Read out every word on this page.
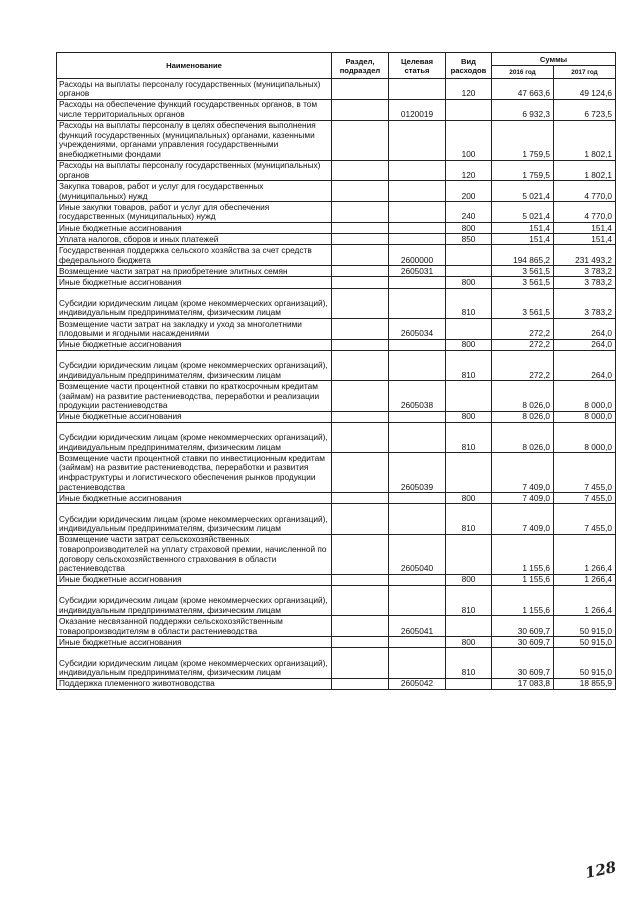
Наименование	Раздел, подраздел	Целевая статья	Вид расходов	Суммы	
				2016 год	2017 год
Расходы на выплаты персоналу государственных (муниципальных) органов			120	47 663,6	49 124,6
Расходы на обеспечение функций государственных органов, в том числе территориальных органов		0120019		6 932,3	6 723,5
Расходы на выплаты персоналу в целях обеспечения выполнения функций государственных (муниципальных) органами, казенными учреждениями, органами управления государственными внебюджетными фондами			100	1 759,5	1 802,1
Расходы на выплаты персоналу государственных (муниципальных) органов			120	1 759,5	1 802,1
Закупка товаров, работ и услуг для государственных (муниципальных) нужд			200	5 021,4	4 770,0
Иные закупки товаров, работ и услуг для обеспечения государственных (муниципальных) нужд			240	5 021,4	4 770,0
Иные бюджетные ассигнования			800	151,4	151,4
Уплата налогов, сборов и иных платежей			850	151,4	151,4
Государственная поддержка сельского хозяйства за счет средств федерального бюджета		2600000		194 865,2	231 493,2
Возмещение части затрат на приобретение элитных семян		2605031		3 561,5	3 783,2
Иные бюджетные ассигнования			800	3 561,5	3 783,2
Субсидии юридическим лицам (кроме некоммерческих организаций), индивидуальным предпринимателям, физическим лицам			810	3 561,5	3 783,2
Возмещение части затрат на закладку и уход за многолетними плодовыми и ягодными насаждениями		2605034		272,2	264,0
Иные бюджетные ассигнования			800	272,2	264,0
Субсидии юридическим лицам (кроме некоммерческих организаций), индивидуальным предпринимателям, физическим лицам			810	272,2	264,0
Возмещение части процентной ставки по краткосрочным кредитам (займам) на развитие растениеводства, переработки и реализации продукции растениеводства		2605038		8 026,0	8 000,0
Иные бюджетные ассигнования			800	8 026,0	8 000,0
Субсидии юридическим лицам (кроме некоммерческих организаций), индивидуальным предпринимателям, физическим лицам			810	8 026,0	8 000,0
Возмещение части процентной ставки по инвестиционным кредитам (займам) на развитие растениеводства, переработки и развития инфраструктуры и логистического обеспечения рынков продукции растениеводства		2605039		7 409,0	7 455,0
Иные бюджетные ассигнования			800	7 409,0	7 455,0
Субсидии юридическим лицам (кроме некоммерческих организаций), индивидуальным предпринимателям, физическим лицам			810	7 409,0	7 455,0
Возмещение части затрат сельскохозяйственных товаропроизводителей на уплату страховой премии, начисленной по договору сельскохозяйственного страхования в области растениеводства		2605040		1 155,6	1 266,4
Иные бюджетные ассигнования			800	1 155,6	1 266,4
Субсидии юридическим лицам (кроме некоммерческих организаций), индивидуальным предпринимателям, физическим лицам			810	1 155,6	1 266,4
Оказание несвязанной поддержки сельскохозяйственным товаропроизводителям в области растениеводства		2605041		30 609,7	50 915,0
Иные бюджетные ассигнования			800	30 609,7	50 915,0
Субсидии юридическим лицам (кроме некоммерческих организаций), индивидуальным предпринимателям, физическим лицам			810	30 609,7	50 915,0
Поддержка племенного животноводства		2605042		17 083,8	18 855,9
128
